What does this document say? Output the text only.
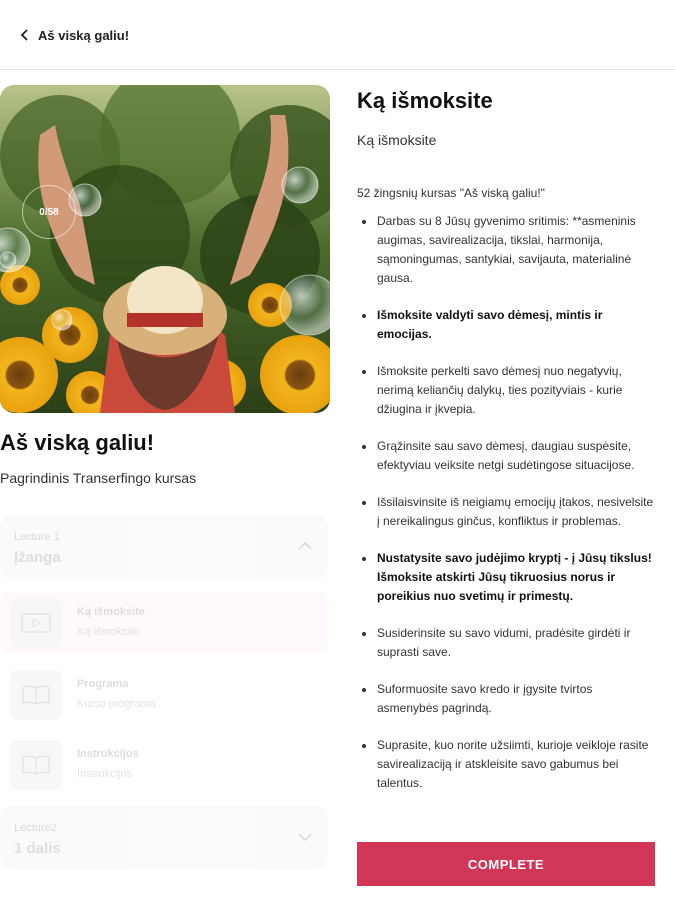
Aš viską galiu!
0/58
Aš viską galiu!
Pagrindinis Transerfingo kursas
Lecture 1
Įžanga
Ką išmoksite
Ką išmoksite
Programa
Kurso programa
Instrukcijos
Instrukcijos
Lecture2
1 dalis
Ką išmoksite
Ką išmoksite
52 žingsnių kursas "Aš viską galiu!"
Darbas su 8 Jūsų gyvenimo sritimis: **asmeninis augimas, savirealizacija, tikslai, harmonija, sąmoningumas, santykiai, savijauta, materialinė gausa.
Išmoksite valdyti savo dėmesį, mintis ir emocijas.
Išmoksite perkelti savo dėmesį nuo negatyvių, nerimą keliančių dalykų, ties pozityviais - kurie džiugina ir įkvepia.
Grąžinsite sau savo dėmesį, daugiau suspėsite, efektyviau veiksite netgi sudėtingose situacijose.
Išsilaisvinsite iš neigiamų emocijų įtakos, nesivelsite į nereikalingus ginčus, konfliktus ir problemas.
Nustatysite savo judėjimo kryptį - į Jūsų tikslus! Išmoksite atskirti Jūsų tikruosius norus ir poreikius nuo svetimų ir primestų.
Susiderinsite su savo vidumi, pradėsite girdėti ir suprasti save.
Suformuosite savo kredo ir įgysite tvirtos asmenybės pagrindą.
Suprasite, kuo norite užsiimti, kurioje veikloje rasite savirealizaciją ir atskleisite savo gabumus bei talentus.
COMPLETE
